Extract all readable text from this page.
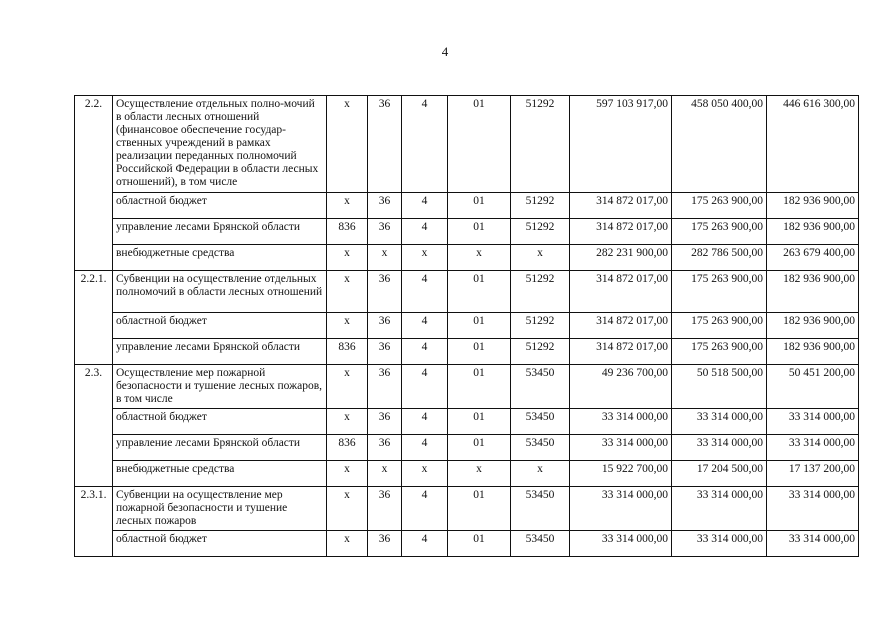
4
2.2.	Осуществление отдельных полно-мочий в области лесных отношений (финансовое обеспечение государ-ственных учреждений в рамках реализации переданных полномочий Российской Федерации в области лесных отношений), в том числе	x	36	4	01	51292	597 103 917,00	458 050 400,00	446 616 300,00
	областной бюджет	x	36	4	01	51292	314 872 017,00	175 263 900,00	182 936 900,00
	управление лесами Брянской области	836	36	4	01	51292	314 872 017,00	175 263 900,00	182 936 900,00
	внебюджетные средства	x	x	x	x	x	282 231 900,00	282 786 500,00	263 679 400,00
2.2.1.	Субвенции на осуществление отдельных полномочий в области лесных отношений	x	36	4	01	51292	314 872 017,00	175 263 900,00	182 936 900,00
	областной бюджет	x	36	4	01	51292	314 872 017,00	175 263 900,00	182 936 900,00
	управление лесами Брянской области	836	36	4	01	51292	314 872 017,00	175 263 900,00	182 936 900,00
2.3.	Осуществление мер пожарной безопасности и тушение лесных пожаров, в том числе	x	36	4	01	53450	49 236 700,00	50 518 500,00	50 451 200,00
	областной бюджет	x	36	4	01	53450	33 314 000,00	33 314 000,00	33 314 000,00
	управление лесами Брянской области	836	36	4	01	53450	33 314 000,00	33 314 000,00	33 314 000,00
	внебюджетные средства	x	x	x	x	x	15 922 700,00	17 204 500,00	17 137 200,00
2.3.1.	Субвенции на осуществление мер пожарной безопасности и тушение лесных пожаров	x	36	4	01	53450	33 314 000,00	33 314 000,00	33 314 000,00
	областной бюджет	x	36	4	01	53450	33 314 000,00	33 314 000,00	33 314 000,00
